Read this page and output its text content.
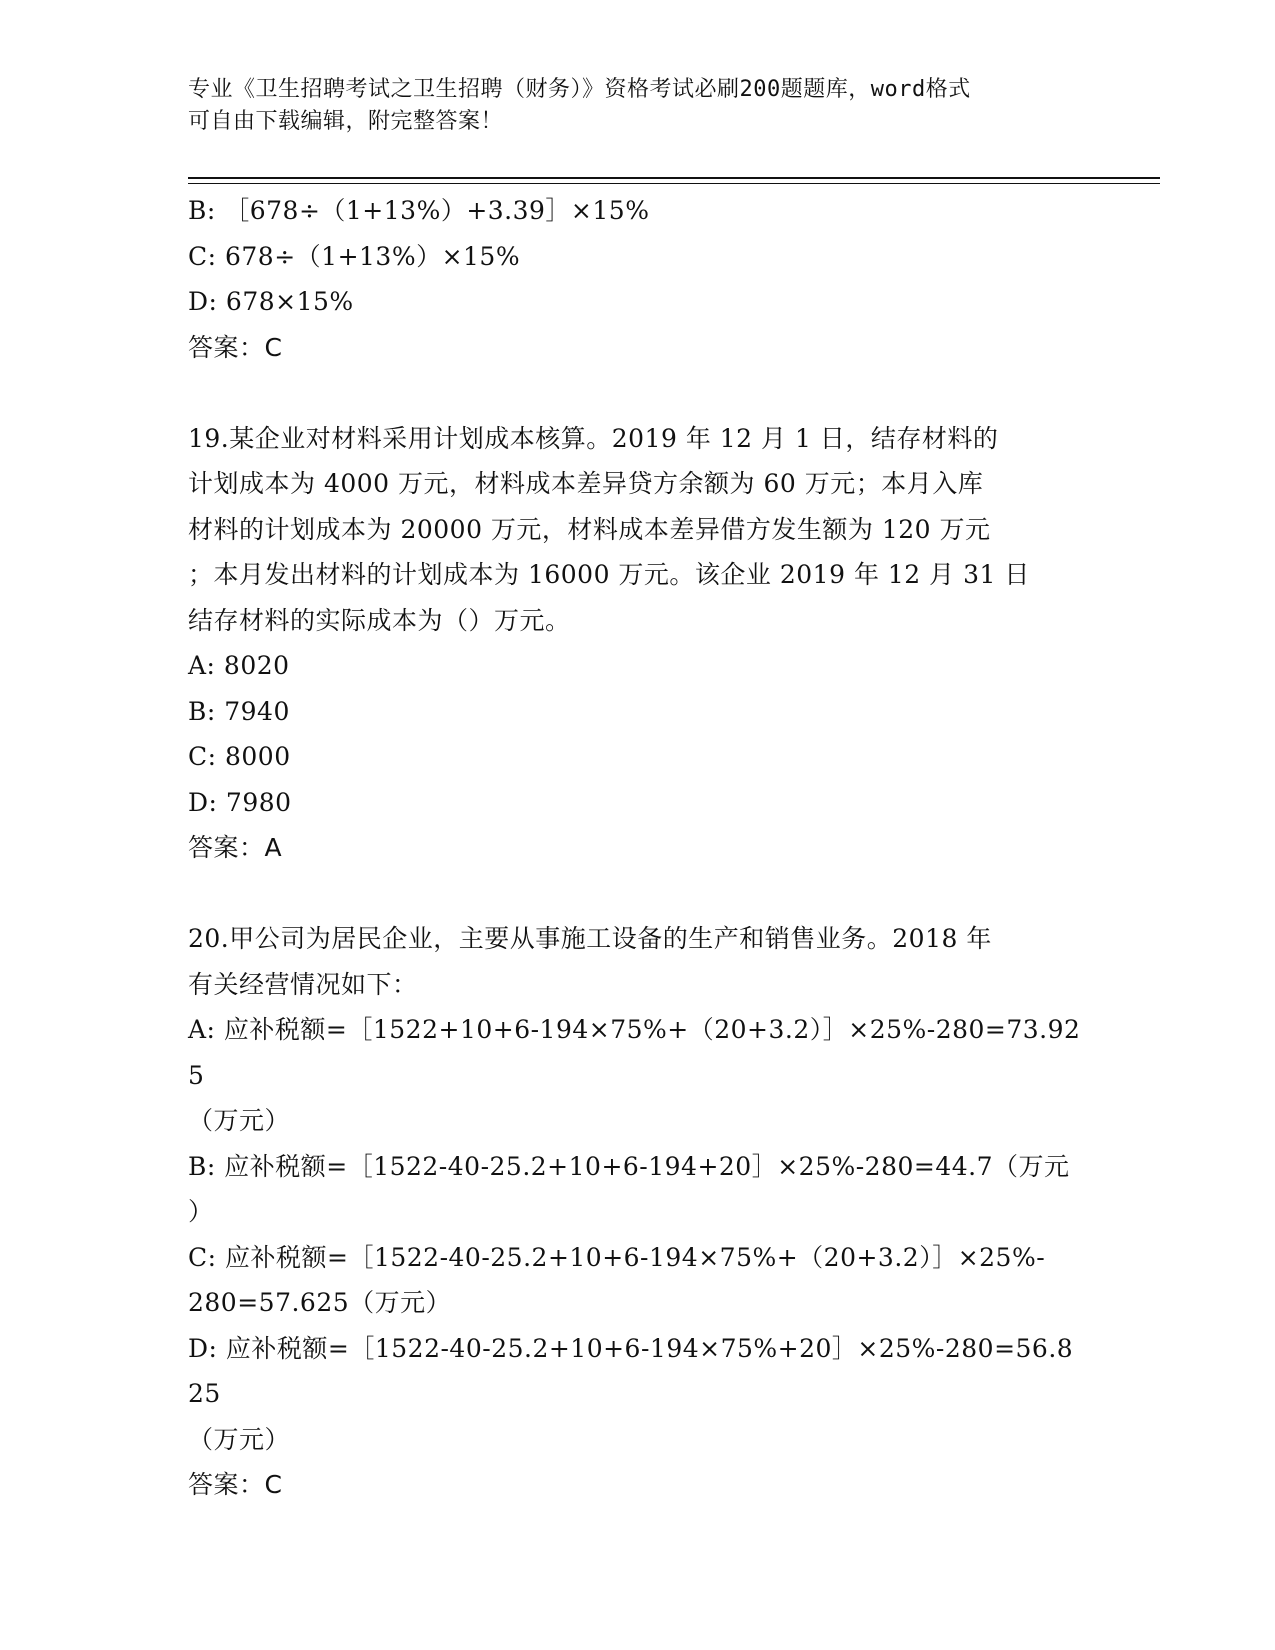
专业《卫生招聘考试之卫生招聘（财务）》资格考试必刷200题题库，word格式
可自由下载编辑，附完整答案！
B: ［678÷（1+13%）+3.39］×15%
C: 678÷（1+13%）×15%
D: 678×15%
答案：C
19.某企业对材料采用计划成本核算。2019 年 12 月 1 日，结存材料的
计划成本为 4000 万元，材料成本差异贷方余额为 60 万元；本月入库
材料的计划成本为 20000 万元，材料成本差异借方发生额为 120 万元
；本月发出材料的计划成本为 16000 万元。该企业 2019 年 12 月 31 日
结存材料的实际成本为（）万元。
A: 8020
B: 7940
C: 8000
D: 7980
答案：A
20.甲公司为居民企业，主要从事施工设备的生产和销售业务。2018 年
有关经营情况如下：
A: 应补税额=［1522+10+6-194×75%+（20+3.2）］×25%-280=73.925
（万元）
B: 应补税额=［1522-40-25.2+10+6-194+20］×25%-280=44.7（万元
）
C: 应补税额=［1522-40-25.2+10+6-194×75%+（20+3.2）］×25%-
280=57.625（万元）
D: 应补税额=［1522-40-25.2+10+6-194×75%+20］×25%-280=56.825
（万元）
答案：C
